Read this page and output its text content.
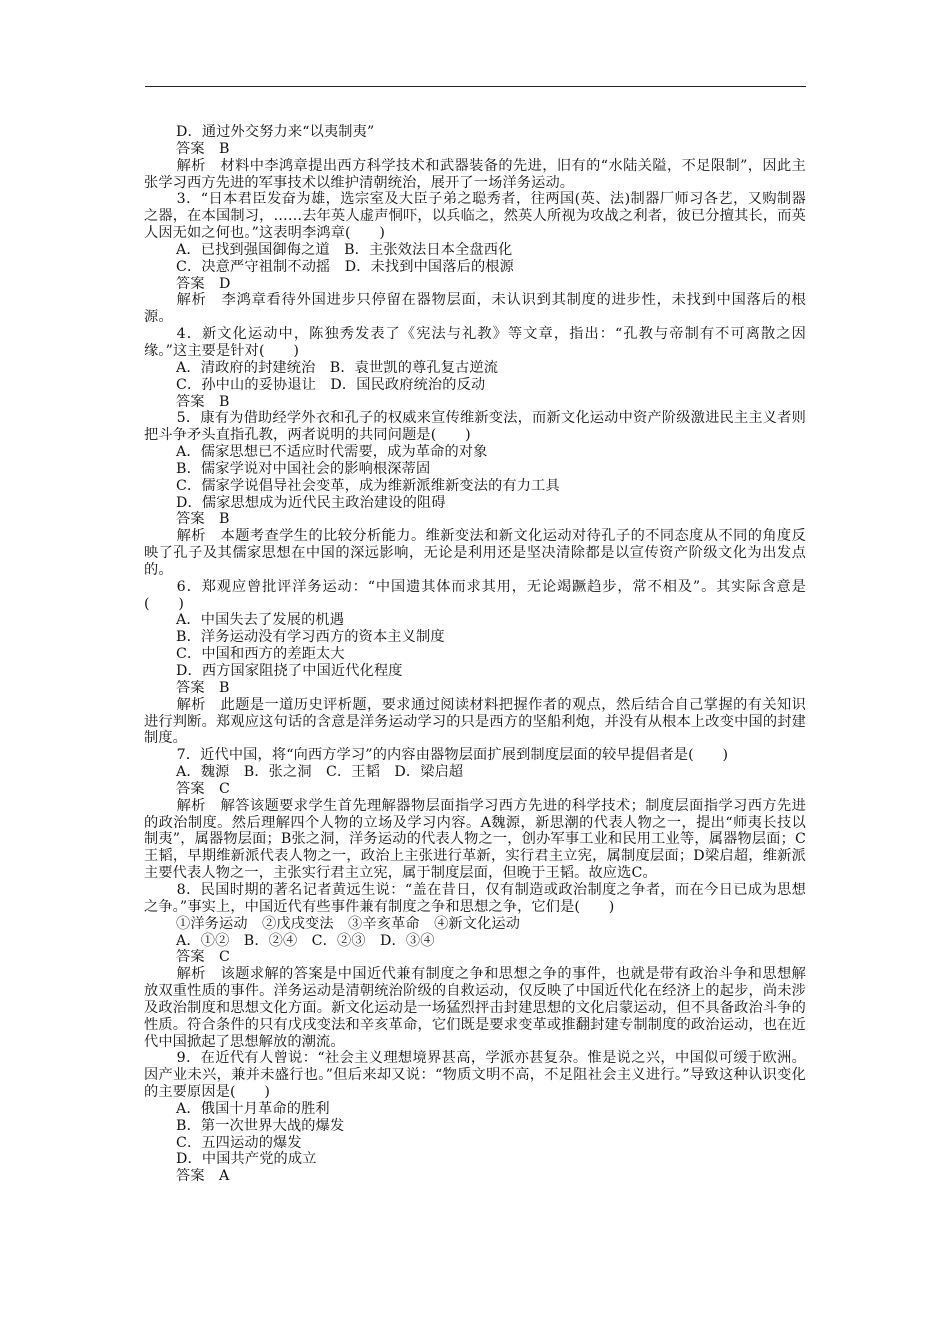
D．通过外交努力来“以夷制夷”
答案　B
解析　材料中李鸿章提出西方科学技术和武器装备的先进，旧有的“水陆关隘，不足限制”，因此主张学习西方先进的军事技术以维护清朝统治，展开了一场洋务运动。
3．“日本君臣发奋为雄，选宗室及大臣子弟之聪秀者，往两国(英、法)制器厂师习各艺，又购制器之器，在本国制习，……去年英人虚声恫吓，以兵临之，然英人所视为攻战之利者，彼已分擅其长，而英人因无如之何也。”这表明李鸿章(　　)
A．已找到强国御侮之道　B．主张效法日本全盘西化
C．决意严守祖制不动摇　D．未找到中国落后的根源
答案　D
解析　李鸿章看待外国进步只停留在器物层面，未认识到其制度的进步性，未找到中国落后的根源。
4．新文化运动中，陈独秀发表了《宪法与礼教》等文章，指出：“孔教与帝制有不可离散之因缘。”这主要是针对(　　)
A．清政府的封建统治　B．袁世凯的尊孔复古逆流
C．孙中山的妥协退让　D．国民政府统治的反动
答案　B
5．康有为借助经学外衣和孔子的权威来宣传维新变法，而新文化运动中资产阶级激进民主主义者则把斗争矛头直指孔教，两者说明的共同问题是(　　)
A．儒家思想已不适应时代需要，成为革命的对象
B．儒家学说对中国社会的影响根深蒂固
C．儒家学说倡导社会变革，成为维新派维新变法的有力工具
D．儒家思想成为近代民主政治建设的阻碍
答案　B
解析　本题考查学生的比较分析能力。维新变法和新文化运动对待孔子的不同态度从不同的角度反映了孔子及其儒家思想在中国的深远影响，无论是利用还是坚决清除都是以宣传资产阶级文化为出发点的。
6．郑观应曾批评洋务运动：“中国遗其体而求其用，无论竭蹶趋步，常不相及”。其实际含意是(　　)
A．中国失去了发展的机遇
B．洋务运动没有学习西方的资本主义制度
C．中国和西方的差距太大
D．西方国家阻挠了中国近代化程度
答案　B
解析　此题是一道历史评析题，要求通过阅读材料把握作者的观点，然后结合自己掌握的有关知识进行判断。郑观应这句话的含意是洋务运动学习的只是西方的坚船利炮，并没有从根本上改变中国的封建制度。
7．近代中国，将“向西方学习”的内容由器物层面扩展到制度层面的较早提倡者是(　　)
A．魏源　B．张之洞　C．王韬　D．梁启超
答案　C
解析　解答该题要求学生首先理解器物层面指学习西方先进的科学技术；制度层面指学习西方先进的政治制度。然后理解四个人物的立场及学习内容。A魏源，新思潮的代表人物之一，提出“师夷长技以制夷”，属器物层面；B张之洞，洋务运动的代表人物之一，创办军事工业和民用工业等，属器物层面；C王韬，早期维新派代表人物之一，政治上主张进行革新，实行君主立宪，属制度层面；D梁启超，维新派主要代表人物之一，主张实行君主立宪，属于制度层面，但晚于王韬。故应选C。
8．民国时期的著名记者黄远生说：“盖在昔日，仅有制造或政治制度之争者，而在今日已成为思想之争。”事实上，中国近代有些事件兼有制度之争和思想之争，它们是(　　)
①洋务运动　②戊戌变法　③辛亥革命　④新文化运动
A．①②　B．②④　C．②③　D．③④
答案　C
解析　该题求解的答案是中国近代兼有制度之争和思想之争的事件，也就是带有政治斗争和思想解放双重性质的事件。洋务运动是清朝统治阶级的自救运动，仅反映了中国近代化在经济上的起步，尚未涉及政治制度和思想文化方面。新文化运动是一场猛烈抨击封建思想的文化启蒙运动，但不具备政治斗争的性质。符合条件的只有戊戌变法和辛亥革命，它们既是要求变革或推翻封建专制制度的政治运动，也在近代中国掀起了思想解放的潮流。
9．在近代有人曾说：“社会主义理想境界甚高，学派亦甚复杂。惟是说之兴，中国似可缓于欧洲。因产业未兴，兼并未盛行也。”但后来却又说：“物质文明不高，不足阻社会主义进行。”导致这种认识变化的主要原因是(　　)
A．俄国十月革命的胜利
B．第一次世界大战的爆发
C．五四运动的爆发
D．中国共产党的成立
答案　A
